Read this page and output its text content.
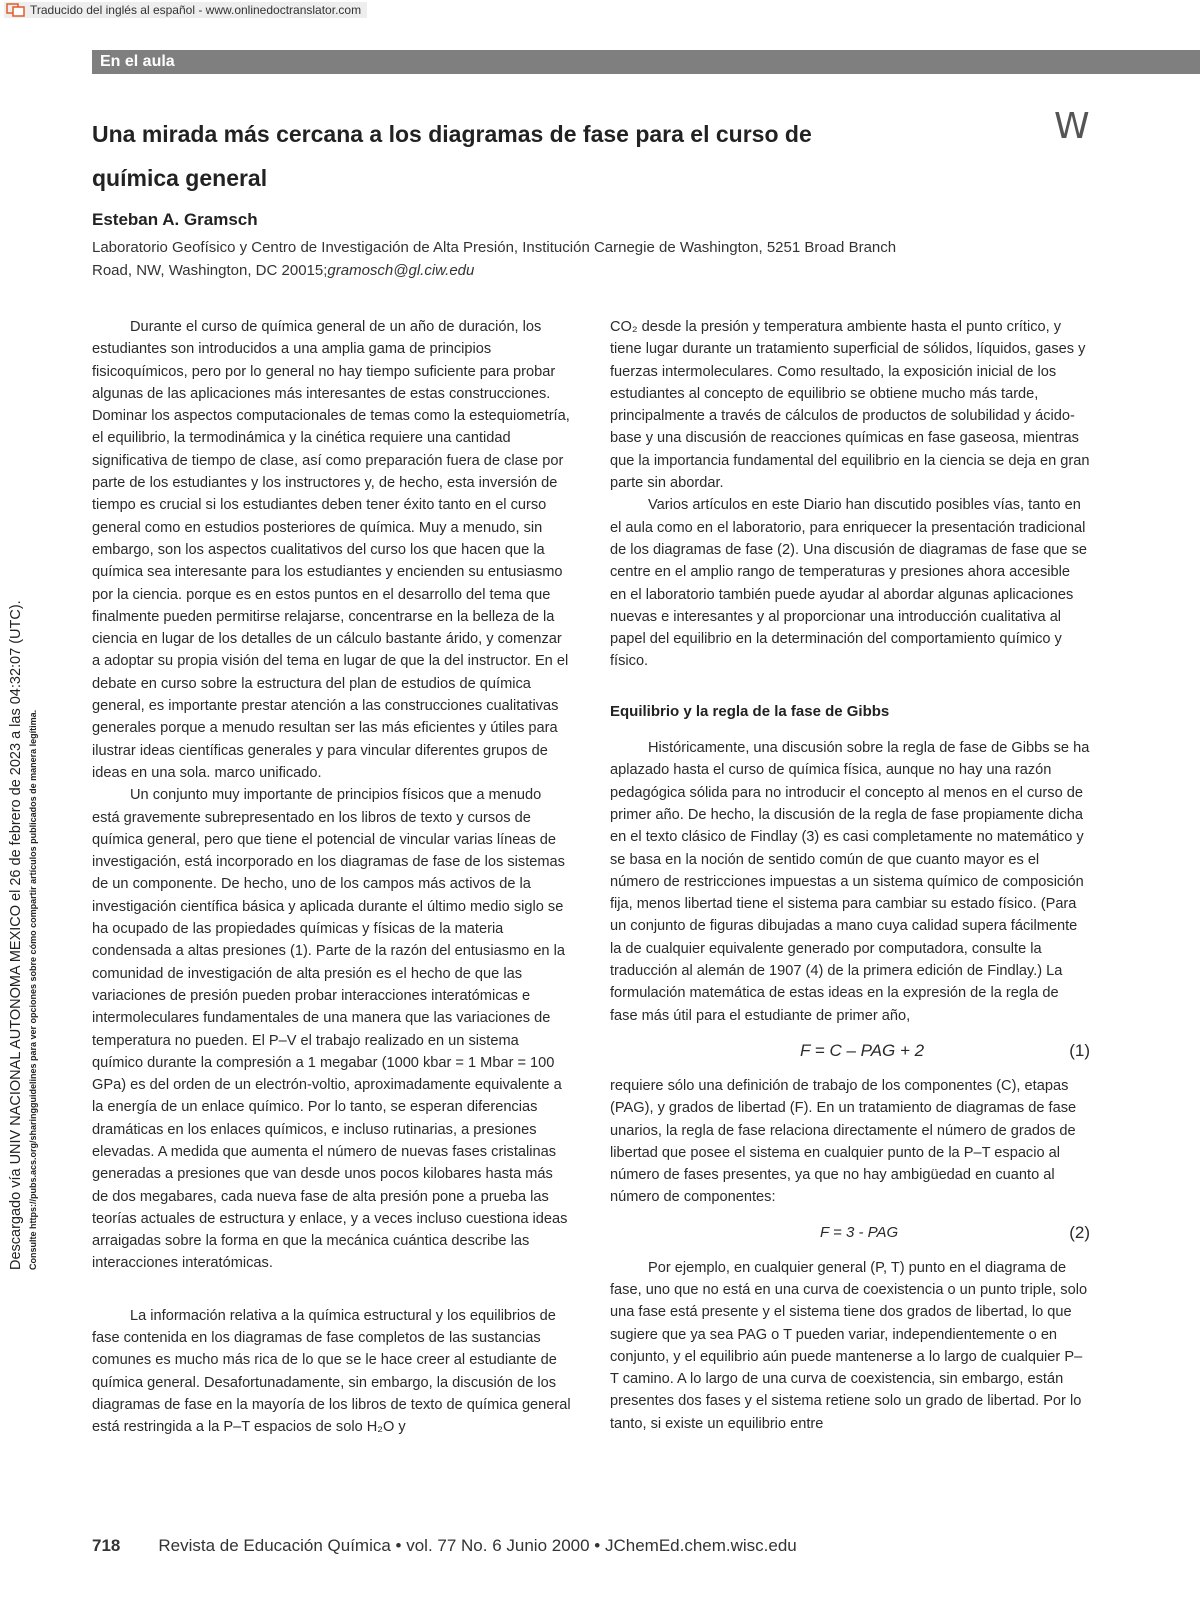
Traducido del inglés al español - www.onlinedoctranslator.com
En el aula
Una mirada más cercana a los diagramas de fase para el curso de química general
W
Esteban A. Gramsch
Laboratorio Geofísico y Centro de Investigación de Alta Presión, Institución Carnegie de Washington, 5251 Broad Branch Road, NW, Washington, DC 20015;gramosch@gl.ciw.edu
Descargado vía UNIV NACIONAL AUTONOMA MEXICO el 26 de febrero de 2023 a las 04:32:07 (UTC). Consulte https://pubs.acs.org/sharingguidelines para ver opciones sobre cómo compartir artículos publicados de manera legítima.

Durante el curso de química general de un año de duración, los estudiantes son introducidos a una amplia gama de principios fisicoquímicos, pero por lo general no hay tiempo suficiente para probar algunas de las aplicaciones más interesantes de estas construcciones. Dominar los aspectos computacionales de temas como la estequiometría, el equilibrio, la termodinámica y la cinética requiere una cantidad significativa de tiempo de clase, así como preparación fuera de clase por parte de los estudiantes y los instructores y, de hecho, esta inversión de tiempo es crucial si los estudiantes deben tener éxito tanto en el curso general como en estudios posteriores de química. Muy a menudo, sin embargo, son los aspectos cualitativos del curso los que hacen que la química sea interesante para los estudiantes y encienden su entusiasmo por la ciencia. porque es en estos puntos en el desarrollo del tema que finalmente pueden permitirse relajarse, concentrarse en la belleza de la ciencia en lugar de los detalles de un cálculo bastante árido, y comenzar a adoptar su propia visión del tema en lugar de que la del instructor. En el debate en curso sobre la estructura del plan de estudios de química general, es importante prestar atención a las construcciones cualitativas generales porque a menudo resultan ser las más eficientes y útiles para ilustrar ideas científicas generales y para vincular diferentes grupos de ideas en una sola. marco unificado.

Un conjunto muy importante de principios físicos que a menudo está gravemente subrepresentado en los libros de texto y cursos de química general, pero que tiene el potencial de vincular varias líneas de investigación, está incorporado en los diagramas de fase de los sistemas de un componente. De hecho, uno de los campos más activos de la investigación científica básica y aplicada durante el último medio siglo se ha ocupado de las propiedades químicas y físicas de la materia condensada a altas presiones (1). Parte de la razón del entusiasmo en la comunidad de investigación de alta presión es el hecho de que las variaciones de presión pueden probar interacciones interatómicas e intermoleculares fundamentales de una manera que las variaciones de temperatura no pueden. El P–V el trabajo realizado en un sistema químico durante la compresión a 1 megabar (1000 kbar = 1 Mbar = 100 GPa) es del orden de un electrón-voltio, aproximadamente equivalente a la energía de un enlace químico. Por lo tanto, se esperan diferencias dramáticas en los enlaces químicos, e incluso rutinarias, a presiones elevadas. A medida que aumenta el número de nuevas fases cristalinas generadas a presiones que van desde unos pocos kilobares hasta más de dos megabares, cada nueva fase de alta presión pone a prueba las teorías actuales de estructura y enlace, y a veces incluso cuestiona ideas arraigadas sobre la forma en que la mecánica cuántica describe las interacciones interatómicas.

La información relativa a la química estructural y los equilibrios de fase contenida en los diagramas de fase completos de las sustancias comunes es mucho más rica de lo que se le hace creer al estudiante de química general. Desafortunadamente, sin embargo, la discusión de los diagramas de fase en la mayoría de los libros de texto de química general está restringida a la P–T espacios de solo H₂O y

CO₂ desde la presión y temperatura ambiente hasta el punto crítico, y tiene lugar durante un tratamiento superficial de sólidos, líquidos, gases y fuerzas intermoleculares. Como resultado, la exposición inicial de los estudiantes al concepto de equilibrio se obtiene mucho más tarde, principalmente a través de cálculos de productos de solubilidad y ácido-base y una discusión de reacciones químicas en fase gaseosa, mientras que la importancia fundamental del equilibrio en la ciencia se deja en gran parte sin abordar.

Varios artículos en este Diario han discutido posibles vías, tanto en el aula como en el laboratorio, para enriquecer la presentación tradicional de los diagramas de fase (2). Una discusión de diagramas de fase que se centre en el amplio rango de temperaturas y presiones ahora accesible en el laboratorio también puede ayudar al abordar algunas aplicaciones nuevas e interesantes y al proporcionar una introducción cualitativa al papel del equilibrio en la determinación del comportamiento químico y físico.

Equilibrio y la regla de la fase de Gibbs

Históricamente, una discusión sobre la regla de fase de Gibbs se ha aplazado hasta el curso de química física, aunque no hay una razón pedagógica sólida para no introducir el concepto al menos en el curso de primer año. De hecho, la discusión de la regla de fase propiamente dicha en el texto clásico de Findlay (3) es casi completamente no matemático y se basa en la noción de sentido común de que cuanto mayor es el número de restricciones impuestas a un sistema químico de composición fija, menos libertad tiene el sistema para cambiar su estado físico. (Para un conjunto de figuras dibujadas a mano cuya calidad supera fácilmente la de cualquier equivalente generado por computadora, consulte la traducción al alemán de 1907 (4) de la primera edición de Findlay.) La formulación matemática de estas ideas en la expresión de la regla de fase más útil para el estudiante de primer año,

F = C – PAG + 2	(1)

requiere sólo una definición de trabajo de los componentes (C), etapas (PAG), y grados de libertad (F). En un tratamiento de diagramas de fase unarios, la regla de fase relaciona directamente el número de grados de libertad que posee el sistema en cualquier punto de la P–T espacio al número de fases presentes, ya que no hay ambigüedad en cuanto al número de componentes:

F = 3 - PAG	(2)

Por ejemplo, en cualquier general (P, T) punto en el diagrama de fase, uno que no está en una curva de coexistencia o un punto triple, solo una fase está presente y el sistema tiene dos grados de libertad, lo que sugiere que ya sea PAG o T pueden variar, independientemente o en conjunto, y el equilibrio aún puede mantenerse a lo largo de cualquier P–T camino. A lo largo de una curva de coexistencia, sin embargo, están presentes dos fases y el sistema retiene solo un grado de libertad. Por lo tanto, si existe un equilibrio entre

718 Revista de Educación Química • vol. 77 No. 6 Junio 2000 • JChemEd.chem.wisc.edu
